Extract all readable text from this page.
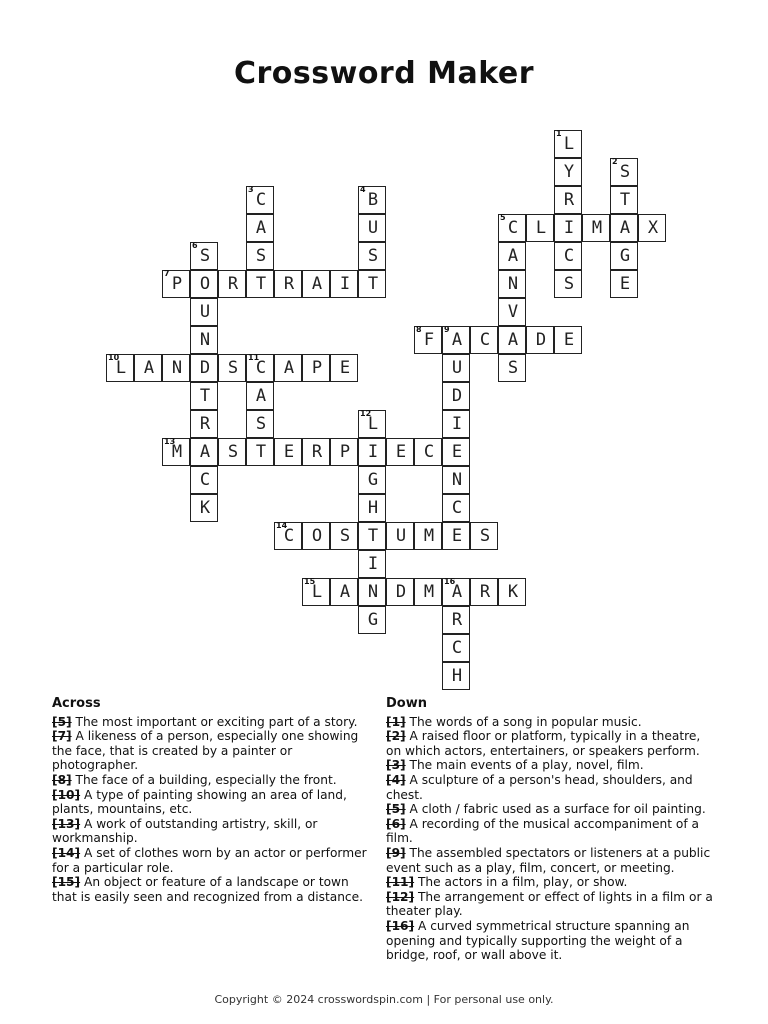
Crossword Maker
1
L
Y
R
I
C
S
2
S
T
A
G
E
5
C	L	M	X
A
N
V
A
S
3
C
A
S
T
4
B
U
S
T
6
S
7
P	O	R	R	A	I
U
N
D
T
R
A
C
K
8
F
9
A	C	D	E
U
D
I
E
N
C
E
10
L	A	N	S
11
C	A	P	E
A
S
12
L
13
M	S	T	E	R	P	I	E	C
G
H
14
C	O	S	T	U	M	S
I
15
L	A	N	D	M
16
A	R	K
G	R
C
H
Across
[5] The most important or exciting part of a story.
[7] A likeness of a person, especially one showing the face, that is created by a painter or photographer.
[8] The face of a building, especially the front.
[10] A type of painting showing an area of land, plants, mountains, etc.
[13] A work of outstanding artistry, skill, or workmanship.
[14] A set of clothes worn by an actor or performer for a particular role.
[15] An object or feature of a landscape or town that is easily seen and recognized from a distance.
Down
[1] The words of a song in popular music.
[2] A raised floor or platform, typically in a theatre, on which actors, entertainers, or speakers perform.
[3] The main events of a play, novel, film.
[4] A sculpture of a person's head, shoulders, and chest.
[5] A cloth / fabric used as a surface for oil painting.
[6] A recording of the musical accompaniment of a film.
[9] The assembled spectators or listeners at a public event such as a play, film, concert, or meeting.
[11] The actors in a film, play, or show.
[12] The arrangement or effect of lights in a film or a theater play.
[16] A curved symmetrical structure spanning an opening and typically supporting the weight of a bridge, roof, or wall above it.
Copyright © 2024 crosswordspin.com | For personal use only.
